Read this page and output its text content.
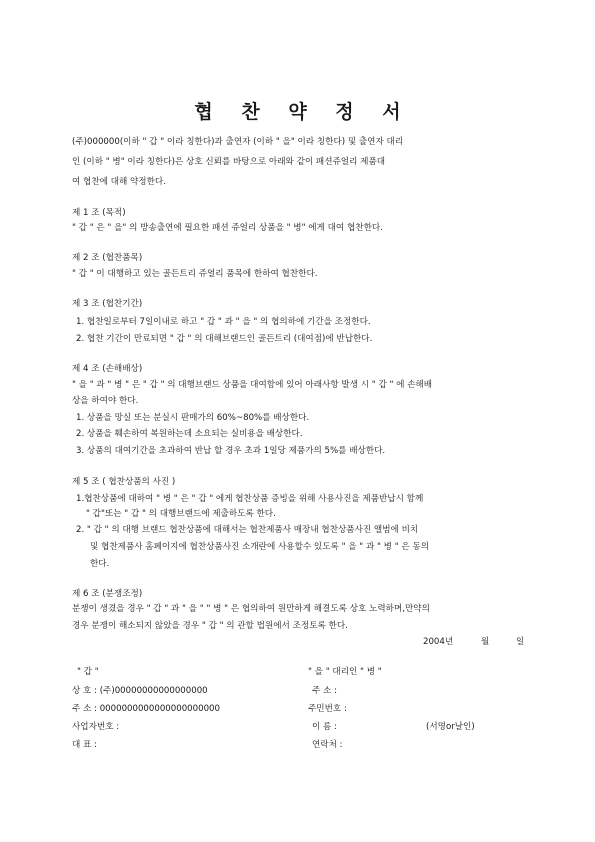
협 찬 약 정 서
(주)000000(이하 " 갑 " 이라 칭한다)과 출연자 (이하 " 을" 이라 칭한다) 및 출연자 대리
인 (이하 " 병" 이라 칭한다)은 상호 신뢰를 바탕으로 아래와 같이 패션쥬얼리 제품대
여 협찬에 대해 약정한다.
제 1 조 (목적)
" 갑 " 은 " 을" 의 방송출연에 필요한 패션 쥬얼리 상품을 " 병" 에게 대여 협찬한다.
제 2 조 (협찬품목)
" 갑 " 이 대행하고 있는 골든트리 쥬얼리 품목에 한하여 협찬한다.
제 3 조 (협찬기간)
1. 협찬일로부터 7일이내로 하고 " 갑 " 과 " 을 " 의 협의하에 기간을 조정한다.
2. 협찬 기간이 만료되면 " 갑 " 의 대해브랜드인 골든트리 (대여점)에 반납한다.
제 4 조 (손해배상)
" 을 " 과 " 병 " 은 " 갑 " 의 대행브랜드 상품을 대여함에 있어 아래사항 발생 시 " 갑 " 에 손해배
상을 하여야 한다.
1. 상품을 망실 또는 분실시 판매가의 60%~80%를 배상한다.
2. 상품을 훼손하여 복원하는데 소요되는 실비용을 배상한다.
3. 상품의 대여기간을 초과하여 반납 할 경우 초과 1일당 제품가의 5%를 배상한다.
제 5 조 ( 협찬상품의 사진 )
1.협찬상품에 대하여 " 병 " 은 " 갑 " 에게 협찬상품 증빙을 위해 사용사진을 제품반납시 함께
" 갑"또는 " 갑 " 의 대행브랜드에 제출하도록 한다.
2. " 갑 " 의 대행 브랜드 협찬상품에 대해서는 협찬제품사 매장내 협찬상품사진 앨범에 비치
및 협찬제품사 홈페이지에 협찬상품사진 소개란에 사용할수 있도록 " 을 " 과 " 병 " 은 동의
한다.
제 6 조 (분쟁조정)
분쟁이 생겼을 경우 " 갑 " 과 " 을 " " 병 " 은 협의하여 원만하게 해결도록 상호 노력하며,만약의
경우 분쟁이 해소되지 않았을 경우 " 갑 " 의 관할 법원에서 조정토록 한다.
2004년	월	일
" 갑 "
상 호 : (주)00000000000000000
주 소 : 0000000000000000000000
사업자번호 :
대 표 :
" 을 " 대리인 " 병 "
주 소 :
주민번호 :
이 름 :
연락처 :
(서명or날인)
